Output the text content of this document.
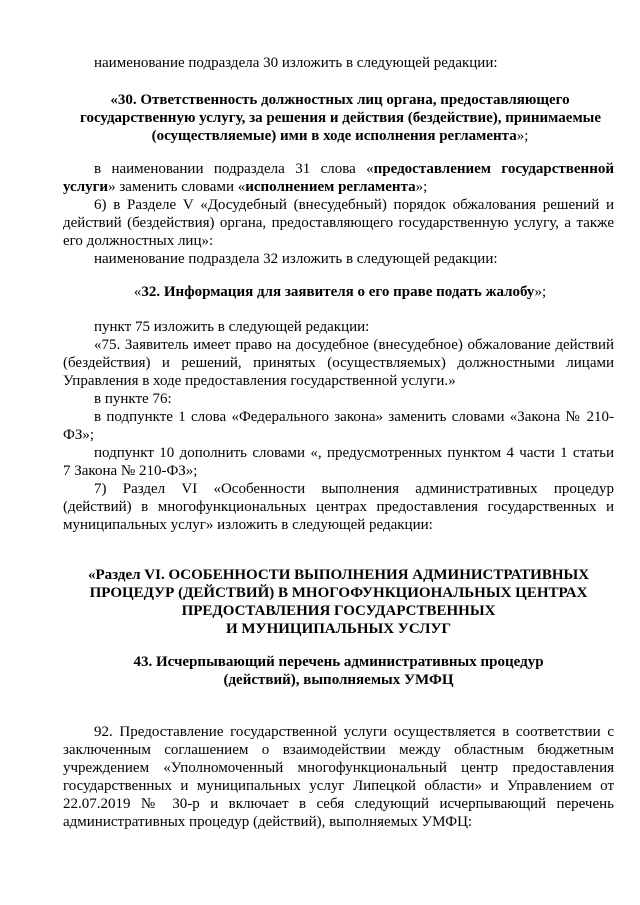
наименование подраздела 30 изложить в следующей редакции:
«30. Ответственность должностных лиц органа, предоставляющего
государственную услугу, за решения и действия (бездействие), принимаемые
(осуществляемые) ими в ходе исполнения регламента»;
в наименовании подраздела 31 слова «предоставлением государственной
услуги» заменить словами «исполнением регламента»;
6) в Разделе V «Досудебный (внесудебный) порядок обжалования решений и
действий (бездействия) органа, предоставляющего государственную услугу, а также
его должностных лиц»:
наименование подраздела 32 изложить в следующей редакции:
«32. Информация для заявителя о его праве подать жалобу»;
пункт 75 изложить в следующей редакции:
«75. Заявитель имеет право на досудебное (внесудебное) обжалование действий
(бездействия) и решений, принятых (осуществляемых) должностными лицами
Управления в ходе предоставления государственной услуги.»
в пункте 76:
в подпункте 1 слова «Федерального закона» заменить словами «Закона № 210-
ФЗ»;
подпункт 10 дополнить словами «, предусмотренных пунктом 4 части 1 статьи
7 Закона № 210-ФЗ»;
7) Раздел VI «Особенности выполнения административных процедур
(действий) в многофункциональных центрах предоставления государственных и
муниципальных услуг» изложить в следующей редакции:
«Раздел VI. ОСОБЕННОСТИ ВЫПОЛНЕНИЯ АДМИНИСТРАТИВНЫХ
ПРОЦЕДУР (ДЕЙСТВИЙ) В МНОГОФУНКЦИОНАЛЬНЫХ ЦЕНТРАХ
ПРЕДОСТАВЛЕНИЯ ГОСУДАРСТВЕННЫХ
И МУНИЦИПАЛЬНЫХ УСЛУГ
43. Исчерпывающий перечень административных процедур
(действий), выполняемых УМФЦ
92. Предоставление государственной услуги осуществляется в соответствии с
заключенным соглашением о взаимодействии между областным бюджетным
учреждением «Уполномоченный многофункциональный центр предоставления
государственных и муниципальных услуг Липецкой области» и Управлением от
22.07.2019 № 30-р и включает в себя следующий исчерпывающий перечень
административных процедур (действий), выполняемых УМФЦ:
